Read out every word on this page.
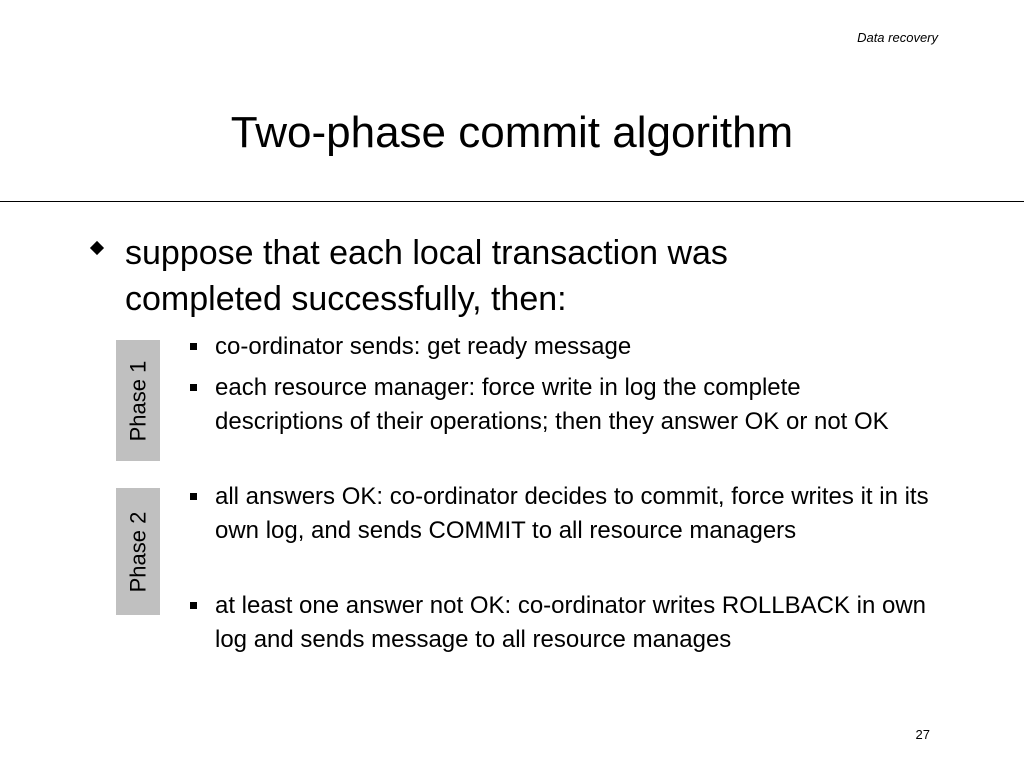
Data recovery
Two-phase commit algorithm

suppose that each local transaction was completed successfully, then:

Phase 1
Phase 2
co-ordinator sends: get ready message
each resource manager: force write in log the complete descriptions of their operations; then they answer OK or not OK
all answers OK: co-ordinator decides to commit, force writes it in its own log, and sends COMMIT to all resource managers
at least one answer not OK: co-ordinator writes ROLLBACK in own log and sends message to all resource manages
27
